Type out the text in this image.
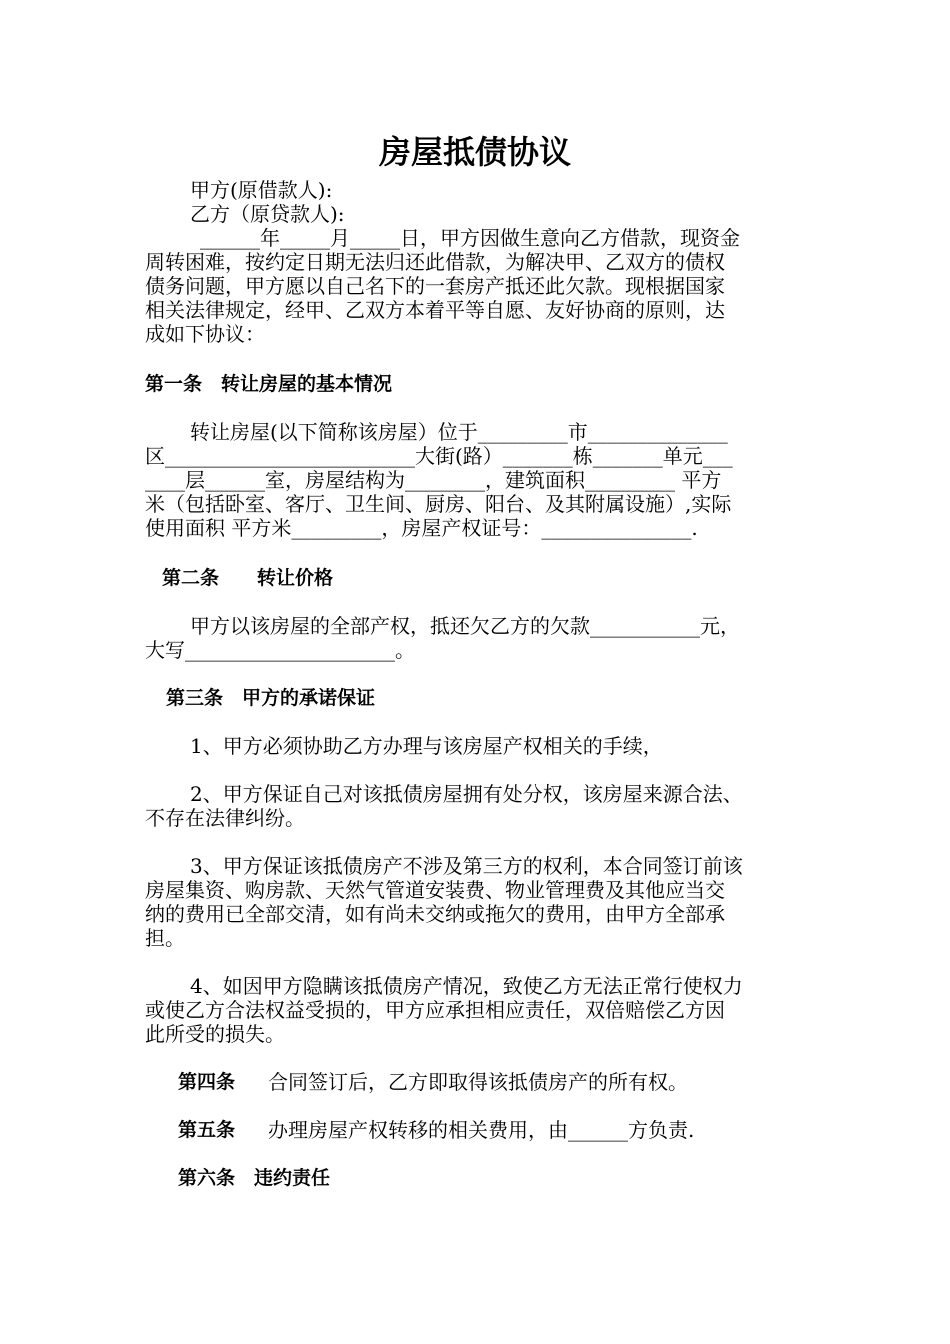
房屋抵债协议
甲方(原借款人):
乙方（原贷款人):
______年_____月_____日，甲方因做生意向乙方借款，现资金
周转困难，按约定日期无法归还此借款，为解决甲、乙双方的债权
债务问题，甲方愿以自己名下的一套房产抵还此欠款。现根据国家
相关法律规定，经甲、乙双方本着平等自愿、友好协商的原则，达
成如下协议：
第一条　转让房屋的基本情况
转让房屋(以下简称该房屋）位于_________市______________
区_________________________大街(路）_______栋_______单元___
____层______室，房屋结构为________，建筑面积_________ 平方
米（包括卧室、客厅、卫生间、厨房、阳台、及其附属设施）,实际
使用面积 平方米_________，房屋产权证号：_______________.
第二条　　转让价格
甲方以该房屋的全部产权，抵还欠乙方的欠款___________元，
大写_____________________。
第三条　甲方的承诺保证
1、甲方必须协助乙方办理与该房屋产权相关的手续，
2、甲方保证自己对该抵债房屋拥有处分权，该房屋来源合法、
不存在法律纠纷。
3、甲方保证该抵债房产不涉及第三方的权利，本合同签订前该
房屋集资、购房款、天然气管道安装费、物业管理费及其他应当交
纳的费用已全部交清，如有尚未交纳或拖欠的费用，由甲方全部承
担。
4、如因甲方隐瞒该抵债房产情况，致使乙方无法正常行使权力
或使乙方合法权益受损的，甲方应承担相应责任，双倍赔偿乙方因
此所受的损失。
第四条 合同签订后，乙方即取得该抵债房产的所有权。
第五条 办理房屋产权转移的相关费用，由______方负责.
第六条　违约责任
